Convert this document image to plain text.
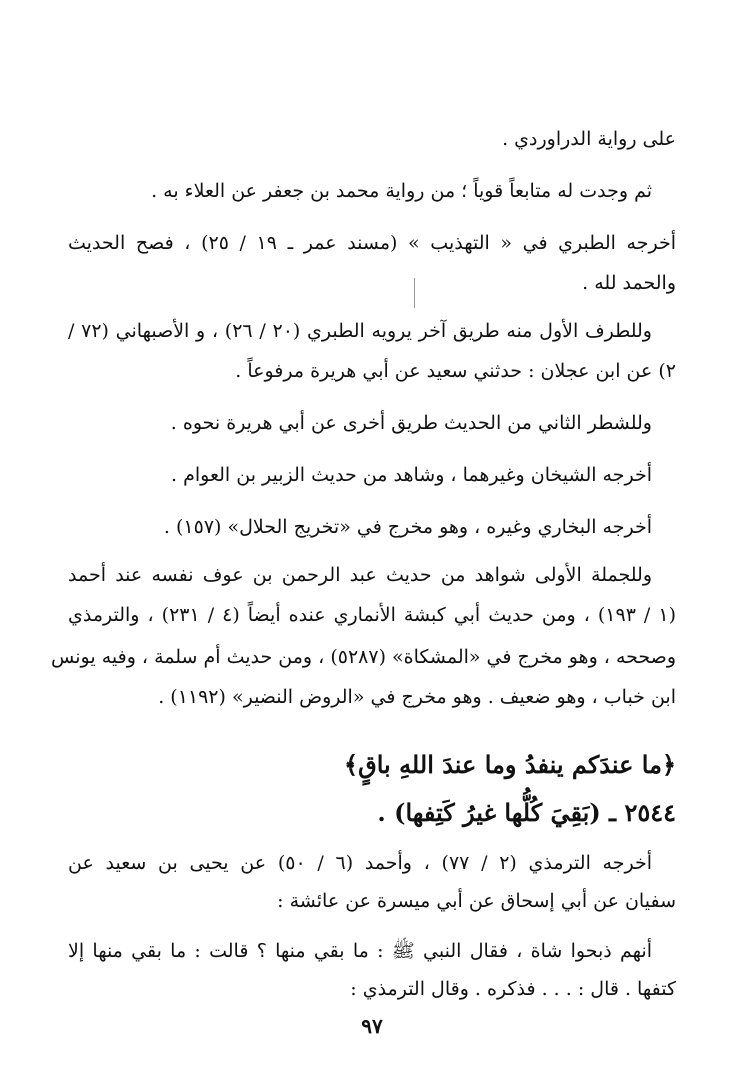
على رواية الدراوردي .
ثم وجدت له متابعاً قوياً ؛ من رواية محمد بن جعفر عن العلاء به .
أخرجه الطبري في « التهذيب » (مسند عمر ـ ١٩ / ٢٥) ، فصح الحديث
والحمد لله .
وللطرف الأول منه طريق آخر يرويه الطبري (٢٠ / ٢٦) ، و الأصبهاني (٧٢ /
٢) عن ابن عجلان : حدثني سعيد عن أبي هريرة مرفوعاً .
وللشطر الثاني من الحديث طريق أخرى عن أبي هريرة نحوه .
أخرجه الشيخان وغيرهما ، وشاهد من حديث الزبير بن العوام .
أخرجه البخاري وغيره ، وهو مخرج في «تخريج الحلال» (١٥٧) .
وللجملة الأولى شواهد من حديث عبد الرحمن بن عوف نفسه عند أحمد
(١ / ١٩٣) ، ومن حديث أبي كبشة الأنماري عنده أيضاً (٤ / ٢٣١) ، والترمذي
وصححه ، وهو مخرج في «المشكاة» (٥٢٨٧) ، ومن حديث أم سلمة ، وفيه يونس
ابن خباب ، وهو ضعيف . وهو مخرج في «الروض النضير» (١١٩٢) .
﴿ما عندَكم ينفدُ وما عندَ اللهِ باقٍ﴾
٢٥٤٤ ـ (بَقِيَ كُلُّها غيرُ كَتِفها) .
أخرجه الترمذي (٢ / ٧٧) ، وأحمد (٦ / ٥٠) عن يحيى بن سعيد عن
سفيان عن أبي إسحاق عن أبي ميسرة عن عائشة :
أنهم ذبحوا شاة ، فقال النبي ﷺ : ما بقي منها ؟ قالت : ما بقي منها إلا
كتفها . قال : . . . فذكره . وقال الترمذي :
٩٧
